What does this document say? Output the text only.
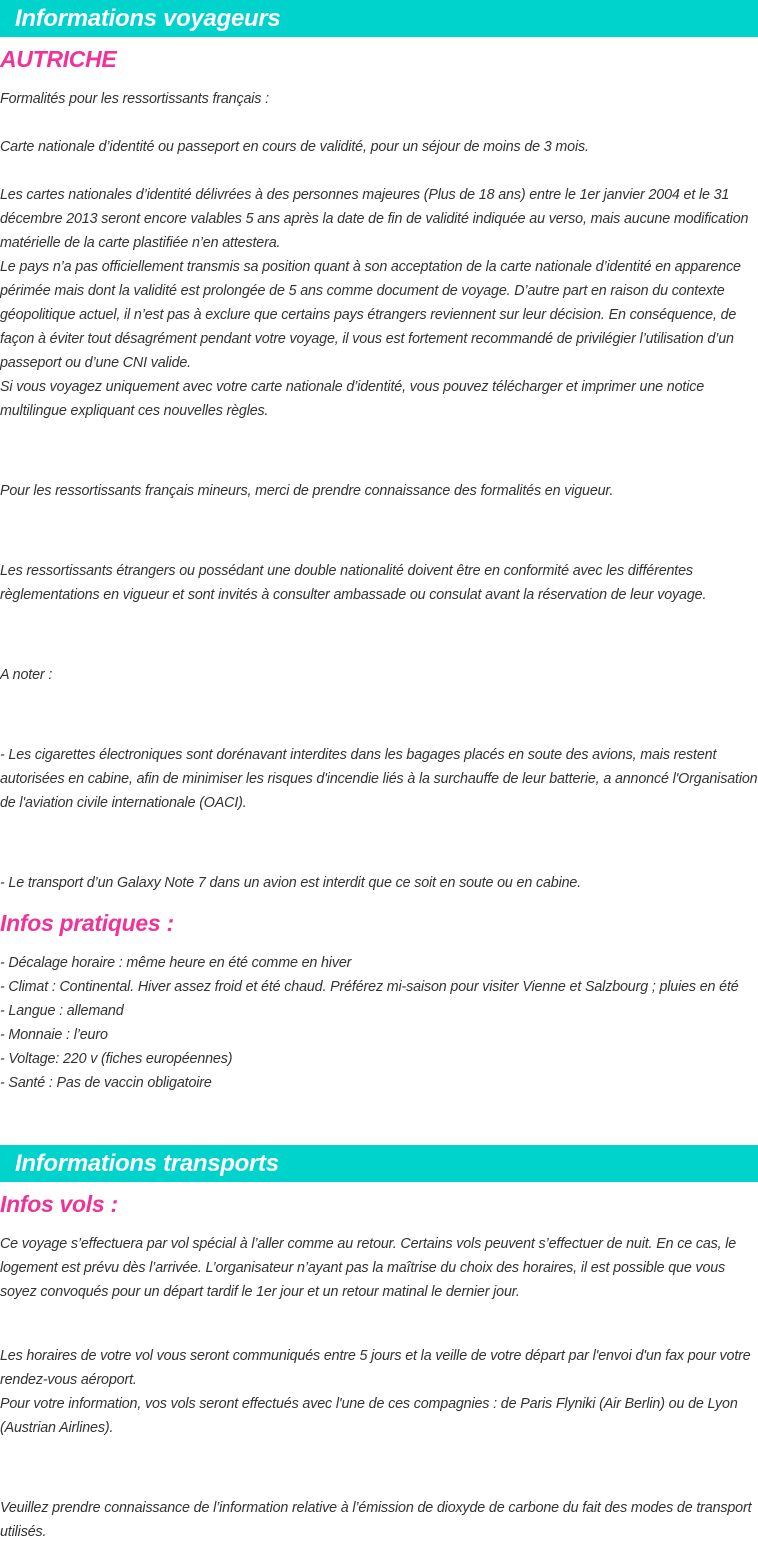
Informations voyageurs
AUTRICHE
Formalités pour les ressortissants français :
Carte nationale d’identité ou passeport en cours de validité, pour un séjour de moins de 3 mois.
Les cartes nationales d’identité délivrées à des personnes majeures (Plus de 18 ans) entre le 1er janvier 2004 et le 31 décembre 2013 seront encore valables 5 ans après la date de fin de validité indiquée au verso, mais aucune modification matérielle de la carte plastifiée n’en attestera.
Le pays n’a pas officiellement transmis sa position quant à son acceptation de la carte nationale d’identité en apparence périmée mais dont la validité est prolongée de 5 ans comme document de voyage. D’autre part en raison du contexte géopolitique actuel, il n’est pas à exclure que certains pays étrangers reviennent sur leur décision. En conséquence, de façon à éviter tout désagrément pendant votre voyage, il vous est fortement recommandé de privilégier l’utilisation d’un passeport ou d’une CNI valide.
Si vous voyagez uniquement avec votre carte nationale d’identité, vous pouvez télécharger et imprimer une notice multilingue expliquant ces nouvelles règles.
Pour les ressortissants français mineurs, merci de prendre connaissance des formalités en vigueur.
Les ressortissants étrangers ou possédant une double nationalité doivent être en conformité avec les différentes règlementations en vigueur et sont invités à consulter ambassade ou consulat avant la réservation de leur voyage.
A noter :
- Les cigarettes électroniques sont dorénavant interdites dans les bagages placés en soute des avions, mais restent autorisées en cabine, afin de minimiser les risques d'incendie liés à la surchauffe de leur batterie, a annoncé l'Organisation de l'aviation civile internationale (OACI).
- Le transport d’un Galaxy Note 7 dans un avion est interdit que ce soit en soute ou en cabine.
Infos pratiques :
- Décalage horaire : même heure en été comme en hiver
- Climat : Continental. Hiver assez froid et été chaud. Préférez mi-saison pour visiter Vienne et Salzbourg ; pluies en été
- Langue : allemand
- Monnaie : l’euro
- Voltage: 220 v (fiches européennes)
- Santé : Pas de vaccin obligatoire
Informations transports
Infos vols :
Ce voyage s’effectuera par vol spécial à l’aller comme au retour. Certains vols peuvent s’effectuer de nuit. En ce cas, le logement est prévu dès l’arrivée. L’organisateur n’ayant pas la maîtrise du choix des horaires, il est possible que vous soyez convoqués pour un départ tardif le 1er jour et un retour matinal le dernier jour.
Les horaires de votre vol vous seront communiqués entre 5 jours et la veille de votre départ par l'envoi d'un fax pour votre rendez-vous aéroport.
Pour votre information, vos vols seront effectués avec l'une de ces compagnies : de Paris Flyniki (Air Berlin) ou de Lyon (Austrian Airlines).
Veuillez prendre connaissance de l’information relative à l’émission de dioxyde de carbone du fait des modes de transport utilisés.
